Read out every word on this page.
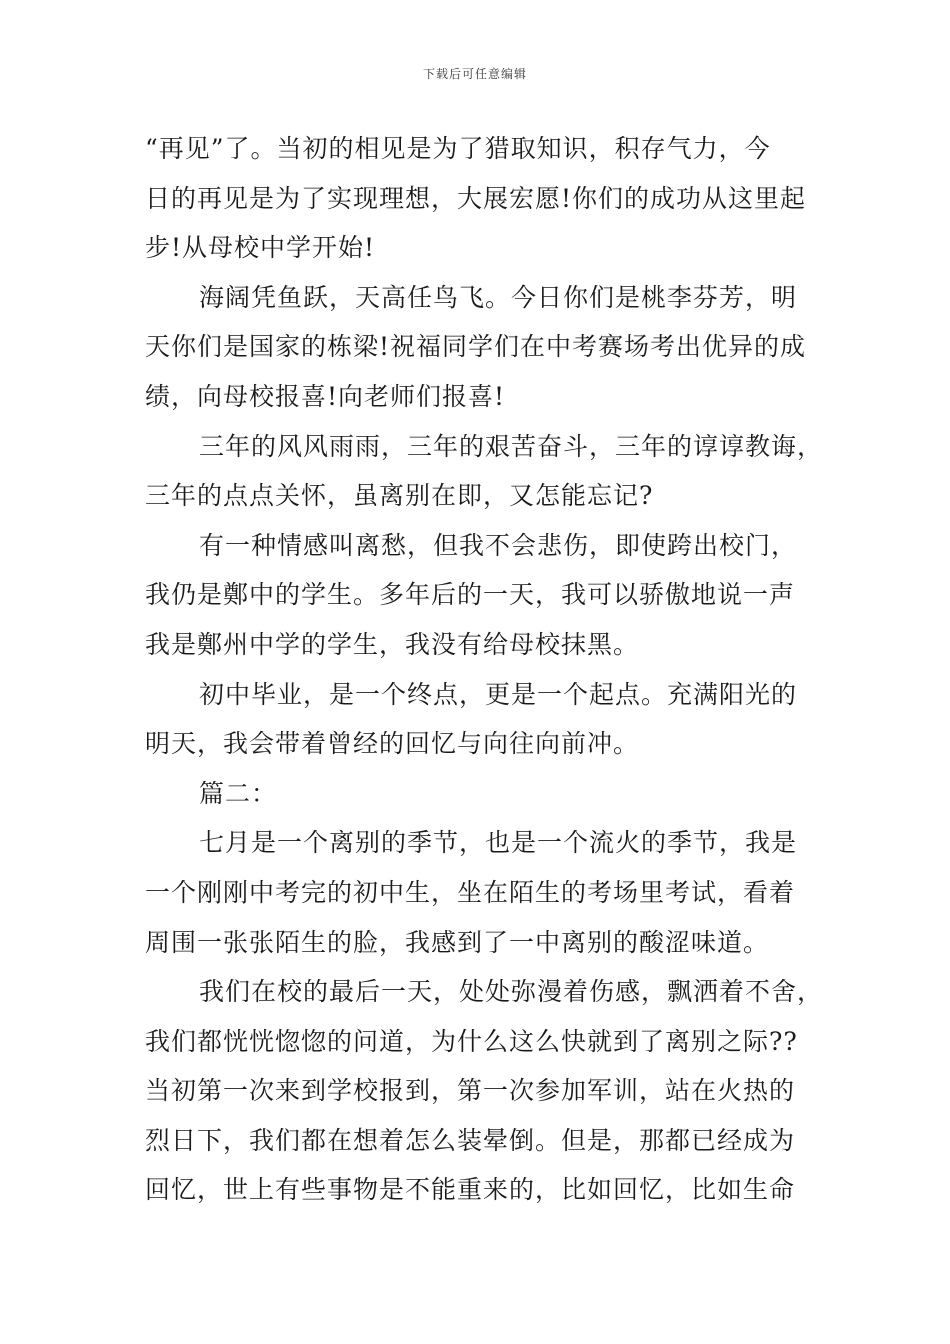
下载后可任意编辑
“再见”了。当初的相见是为了猎取知识，积存气力，今
日的再见是为了实现理想，大展宏愿!你们的成功从这里起
步!从母校中学开始!
海阔凭鱼跃，天高任鸟飞。今日你们是桃李芬芳，明
天你们是国家的栋梁!祝福同学们在中考赛场考出优异的成
绩，向母校报喜!向老师们报喜!
三年的风风雨雨，三年的艰苦奋斗，三年的谆谆教诲，
三年的点点关怀，虽离别在即，又怎能忘记?
有一种情感叫离愁，但我不会悲伤，即使跨出校门，
我仍是鄭中的学生。多年后的一天，我可以骄傲地说一声
我是鄭州中学的学生，我没有给母校抹黑。
初中毕业，是一个终点，更是一个起点。充满阳光的
明天，我会带着曾经的回忆与向往向前冲。
篇二：
七月是一个离别的季节，也是一个流火的季节，我是
一个刚刚中考完的初中生，坐在陌生的考场里考试，看着
周围一张张陌生的脸，我感到了一中离别的酸涩味道。
我们在校的最后一天，处处弥漫着伤感，飘洒着不舍，
我们都恍恍惚惚的问道，为什么这么快就到了离别之际??
当初第一次来到学校报到，第一次参加军训，站在火热的
烈日下，我们都在想着怎么装晕倒。但是，那都已经成为
回忆，世上有些事物是不能重来的，比如回忆，比如生命
